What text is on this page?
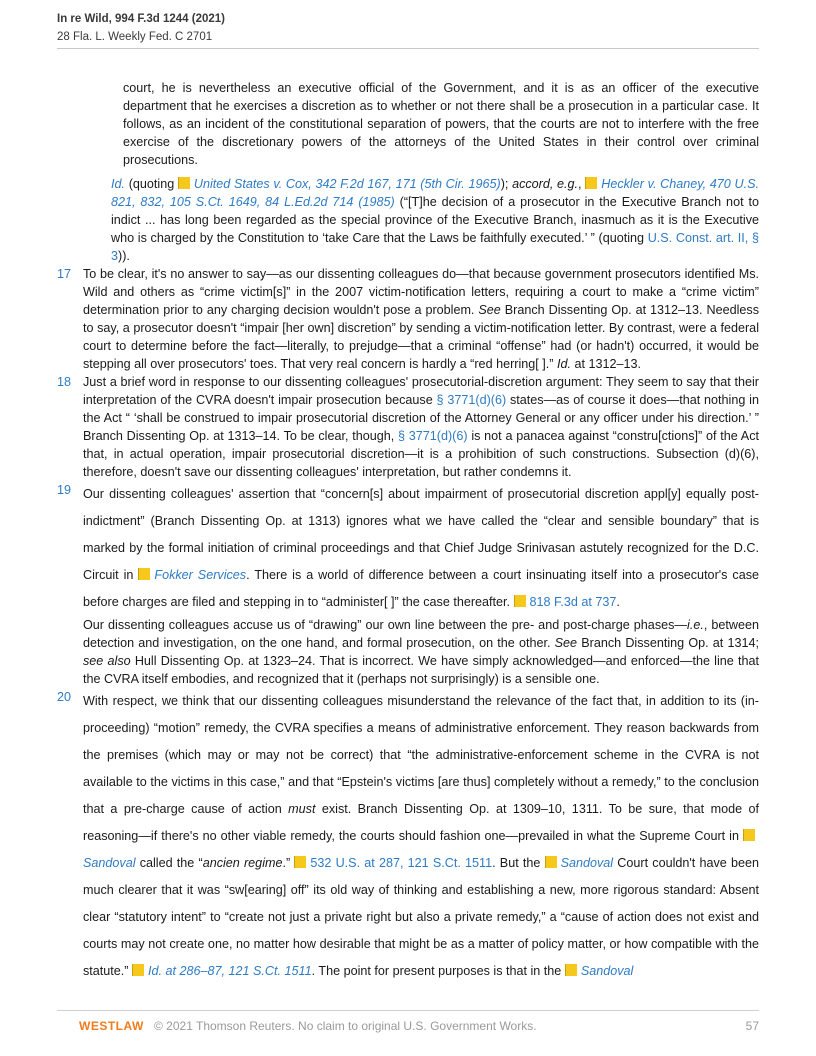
In re Wild, 994 F.3d 1244 (2021)
28 Fla. L. Weekly Fed. C 2701
court, he is nevertheless an executive official of the Government, and it is as an officer of the executive department that he exercises a discretion as to whether or not there shall be a prosecution in a particular case. It follows, as an incident of the constitutional separation of powers, that the courts are not to interfere with the free exercise of the discretionary powers of the attorneys of the United States in their control over criminal prosecutions.
Id. (quoting United States v. Cox, 342 F.2d 167, 171 (5th Cir. 1965)); accord, e.g., Heckler v. Chaney, 470 U.S. 821, 832, 105 S.Ct. 1649, 84 L.Ed.2d 714 (1985) (“[T]he decision of a prosecutor in the Executive Branch not to indict ... has long been regarded as the special province of the Executive Branch, inasmuch as it is the Executive who is charged by the Constitution to ‘take Care that the Laws be faithfully executed.’ ” (quoting U.S. Const. art. II, § 3)).
17 To be clear, it's no answer to say—as our dissenting colleagues do—that because government prosecutors identified Ms. Wild and others as “crime victim[s]” in the 2007 victim-notification letters, requiring a court to make a “crime victim” determination prior to any charging decision wouldn't pose a problem. See Branch Dissenting Op. at 1312–13. Needless to say, a prosecutor doesn't “impair [her own] discretion” by sending a victim-notification letter. By contrast, were a federal court to determine before the fact—literally, to prejudge—that a criminal “offense” had (or hadn't) occurred, it would be stepping all over prosecutors' toes. That very real concern is hardly a “red herring[ ].” Id. at 1312–13.
18 Just a brief word in response to our dissenting colleagues' prosecutorial-discretion argument: They seem to say that their interpretation of the CVRA doesn't impair prosecution because § 3771(d)(6) states—as of course it does—that nothing in the Act “ ‘shall be construed to impair prosecutorial discretion of the Attorney General or any officer under his direction.’ ” Branch Dissenting Op. at 1313–14. To be clear, though, § 3771(d)(6) is not a panacea against “constru[ctions]” of the Act that, in actual operation, impair prosecutorial discretion—it is a prohibition of such constructions. Subsection (d)(6), therefore, doesn't save our dissenting colleagues' interpretation, but rather condemns it.
19 Our dissenting colleagues' assertion that “concern[s] about impairment of prosecutorial discretion appl[y] equally post-indictment” (Branch Dissenting Op. at 1313) ignores what we have called the “clear and sensible boundary” that is marked by the formal initiation of criminal proceedings and that Chief Judge Srinivasan astutely recognized for the D.C. Circuit in Fokker Services. There is a world of difference between a court insinuating itself into a prosecutor's case before charges are filed and stepping in to “administer[ ]” the case thereafter. 818 F.3d at 737.
Our dissenting colleagues accuse us of “drawing” our own line between the pre- and post-charge phases—i.e., between detection and investigation, on the one hand, and formal prosecution, on the other. See Branch Dissenting Op. at 1314; see also Hull Dissenting Op. at 1323–24. That is incorrect. We have simply acknowledged—and enforced—the line that the CVRA itself embodies, and recognized that it (perhaps not surprisingly) is a sensible one.
20 With respect, we think that our dissenting colleagues misunderstand the relevance of the fact that, in addition to its (in-proceeding) “motion” remedy, the CVRA specifies a means of administrative enforcement. They reason backwards from the premises (which may or may not be correct) that “the administrative-enforcement scheme in the CVRA is not available to the victims in this case,” and that “Epstein's victims [are thus] completely without a remedy,” to the conclusion that a pre-charge cause of action must exist. Branch Dissenting Op. at 1309–10, 1311. To be sure, that mode of reasoning—if there's no other viable remedy, the courts should fashion one—prevailed in what the Supreme Court in Sandoval called the “ancien regime.” 532 U.S. at 287, 121 S.Ct. 1511. But the Sandoval Court couldn't have been much clearer that it was “sw[earing] off” its old way of thinking and establishing a new, more rigorous standard: Absent clear “statutory intent” to “create not just a private right but also a private remedy,” a “cause of action does not exist and courts may not create one, no matter how desirable that might be as a matter of policy matter, or how compatible with the statute.” Id. at 286–87, 121 S.Ct. 1511. The point for present purposes is that in the Sandoval
WESTLAW © 2021 Thomson Reuters. No claim to original U.S. Government Works.	57
